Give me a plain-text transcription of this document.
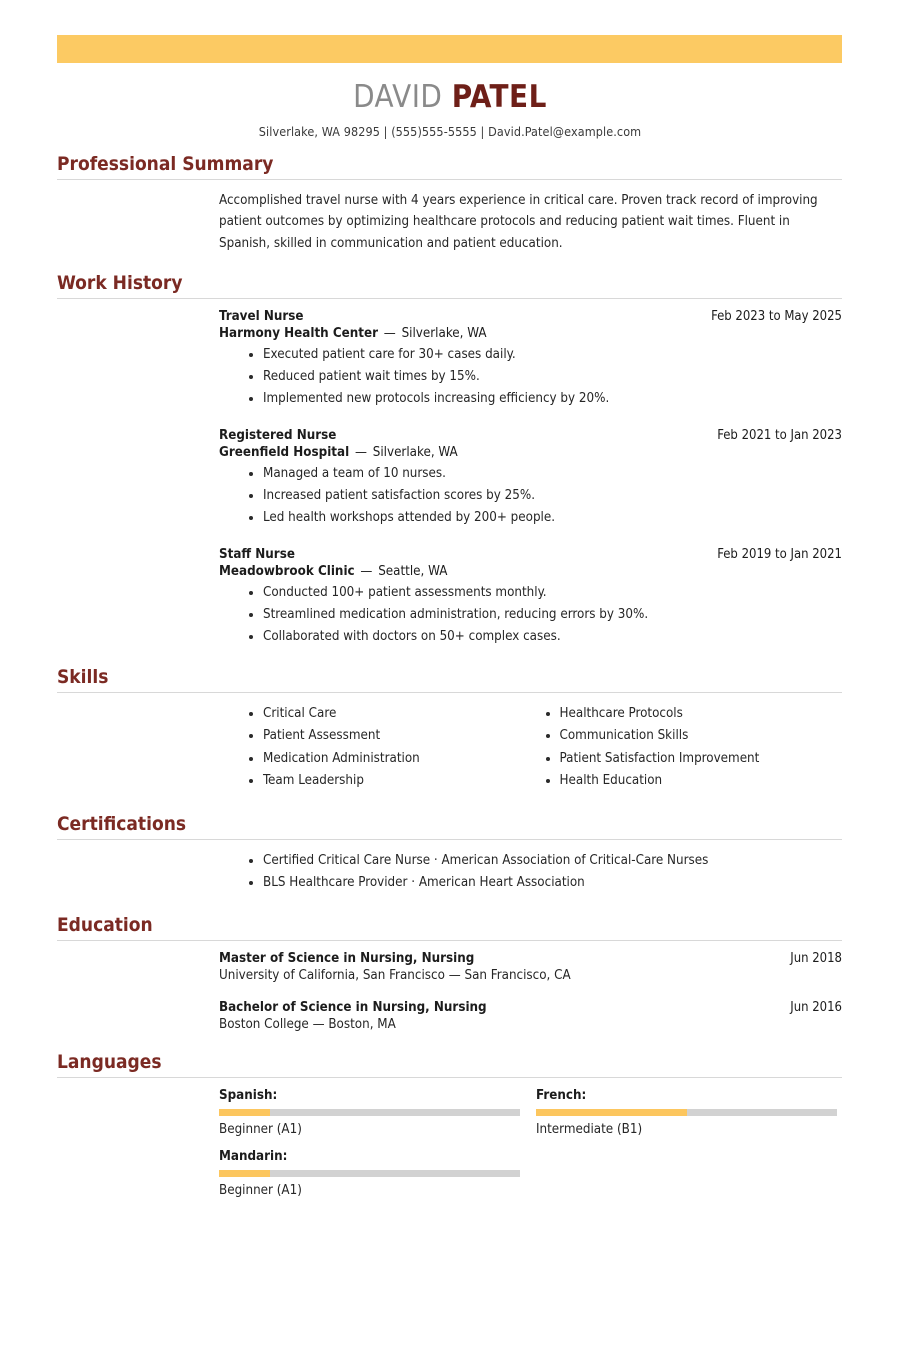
DAVID PATEL
Silverlake, WA 98295 | (555)555-5555 | David.Patel@example.com
Professional Summary
Accomplished travel nurse with 4 years experience in critical care. Proven track record of improving patient outcomes by optimizing healthcare protocols and reducing patient wait times. Fluent in Spanish, skilled in communication and patient education.
Work History
Travel Nurse	Feb 2023 to May 2025
Harmony Health Center — Silverlake, WA
Executed patient care for 30+ cases daily.
Reduced patient wait times by 15%.
Implemented new protocols increasing efficiency by 20%.
Registered Nurse	Feb 2021 to Jan 2023
Greenfield Hospital — Silverlake, WA
Managed a team of 10 nurses.
Increased patient satisfaction scores by 25%.
Led health workshops attended by 200+ people.
Staff Nurse	Feb 2019 to Jan 2021
Meadowbrook Clinic — Seattle, WA
Conducted 100+ patient assessments monthly.
Streamlined medication administration, reducing errors by 30%.
Collaborated with doctors on 50+ complex cases.
Skills
Critical Care
Patient Assessment
Medication Administration
Team Leadership
Healthcare Protocols
Communication Skills
Patient Satisfaction Improvement
Health Education
Certifications
Certified Critical Care Nurse · American Association of Critical-Care Nurses
BLS Healthcare Provider · American Heart Association
Education
Master of Science in Nursing, Nursing	Jun 2018
University of California, San Francisco — San Francisco, CA
Bachelor of Science in Nursing, Nursing	Jun 2016
Boston College — Boston, MA
Languages
Spanish:
Beginner (A1)
French:
Intermediate (B1)
Mandarin:
Beginner (A1)
